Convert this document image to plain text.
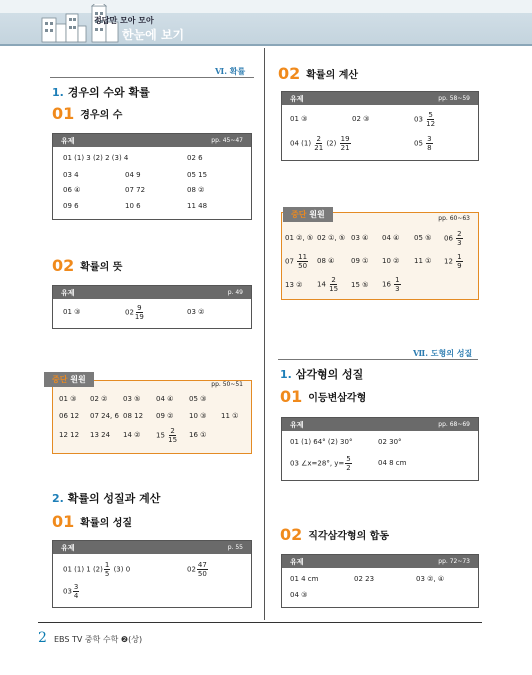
정답만 모아 모아
한눈에 보기
Ⅵ. 확률
1. 경우의 수와 확률
01 경우의 수
유제	pp. 45~47
01 (1) 3 (2) 2 (3) 4	02 6
03 4	04 9	05 15
06 ④	07 72	08 ②
09 6	10 6	11 48
02 확률의 뜻
유제	p. 49
01 ③	$02 \frac{9}{19}$	03 ②
pp. 50~51
01 ③ 02 ② 03 ⑤ 04 ④ 05 ③
06 12 07 24, 6 08 12 09 ② 10 ③ 11 ①
12 12 13 24 14 ② $15 \frac{2}{15} 16$ ①
중단 원원
2. 확률의 성질과 계산
01 확률의 성질
유제	p. 55
01 (1) 1 $(2) \frac{1}{5} (3)$ 0	$02 \frac{47}{50}$
$03 \frac{3}{4}$
02 확률의 계산
유제	pp. 58~59
01 ③	02 ③	$03 \frac{5}{12}$
04 $(1) \frac{2}{21} (2) \frac{19}{21}$	$05 \frac{3}{8}$
pp. 60~63
01 ②, ⑤ 02 ①, ⑤ 03 ④ 04 ④ 05 ⑤ $06 \frac{2}{3}$
$07 \frac{11}{50} 08$ ④ 09 ① 10 ② 11 ① $12 \frac{1}{9}$
13 ② $14 \frac{2}{15} 15$ ⑤ $16 \frac{1}{3}$
중단 원원
Ⅶ. 도형의 성질
1. 삼각형의 성질
01 이등변삼각형
유제	pp. 68~69
01 (1) 64° (2) 30°	02 30°
03 ∠x=28°, $y= \frac{5}{2}$	04 8 cm
02 직각삼각형의 합동
유제	pp. 72~73
01 4 cm	02 23	03 ②, ④
04 ③
2 EBS TV 중학 수학 ❷(상)
